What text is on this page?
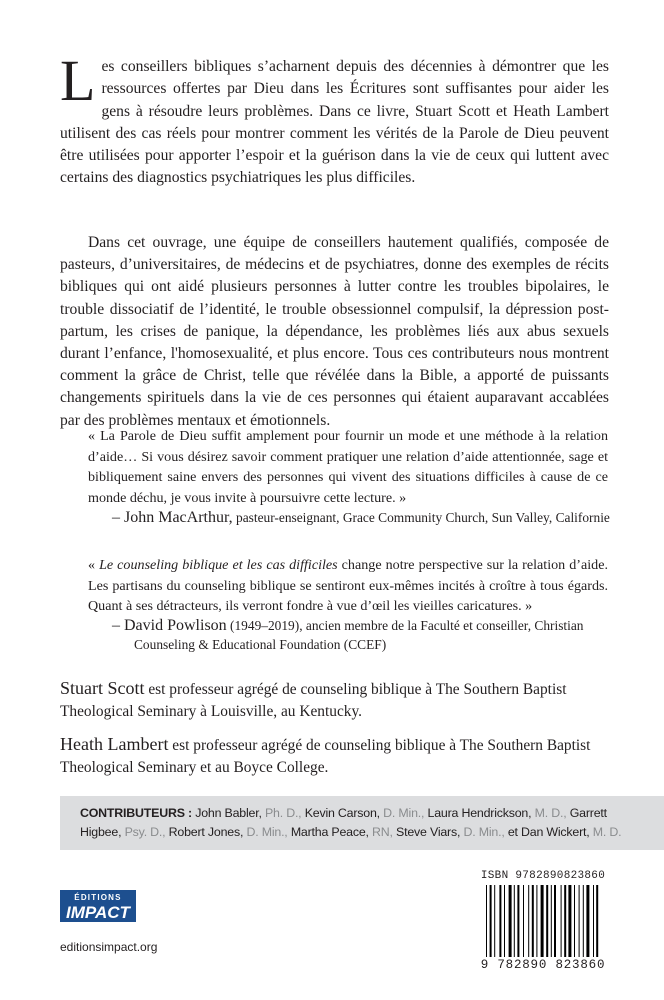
Les conseillers bibliques s’acharnent depuis des décennies à démontrer que les ressources offertes par Dieu dans les Écritures sont suffisantes pour aider les gens à résoudre leurs problèmes. Dans ce livre, Stuart Scott et Heath Lambert utilisent des cas réels pour montrer comment les vérités de la Parole de Dieu peuvent être utilisées pour apporter l’espoir et la guérison dans la vie de ceux qui luttent avec certains des diagnostics psychiatriques les plus difficiles.

Dans cet ouvrage, une équipe de conseillers hautement qualifiés, composée de pasteurs, d’universitaires, de médecins et de psychiatres, donne des exemples de récits bibliques qui ont aidé plusieurs personnes à lutter contre les troubles bipolaires, le trouble dissociatif de l’identité, le trouble obsessionnel compulsif, la dépression post-partum, les crises de panique, la dépendance, les problèmes liés aux abus sexuels durant l’enfance, l'homosexualité, et plus encore. Tous ces contributeurs nous montrent comment la grâce de Christ, telle que révélée dans la Bible, a apporté de puissants changements spirituels dans la vie de ces personnes qui étaient auparavant accablées par des problèmes mentaux et émotionnels.

« La Parole de Dieu suffit amplement pour fournir un mode et une méthode à la relation d’aide… Si vous désirez savoir comment pratiquer une relation d’aide attentionnée, sage et bibliquement saine envers des personnes qui vivent des situations difficiles à cause de ce monde déchu, je vous invite à poursuivre cette lecture. »

– John MacArthur, pasteur-enseignant, Grace Community Church, Sun Valley, Californie

« Le counseling biblique et les cas difficiles change notre perspective sur la relation d’aide. Les partisans du counseling biblique se sentiront eux-mêmes incités à croître à tous égards. Quant à ses détracteurs, ils verront fondre à vue d’œil les vieilles caricatures. »

– David Powlison (1949–2019), ancien membre de la Faculté et conseiller, Christian
Counseling & Educational Foundation (CCEF)

Stuart Scott est professeur agrégé de counseling biblique à The Southern Baptist Theological Seminary à Louisville, au Kentucky.

Heath Lambert est professeur agrégé de counseling biblique à The Southern Baptist Theological Seminary et au Boyce College.

CONTRIBUTEURS : John Babler, Ph. D., Kevin Carson, D. Min., Laura Hendrickson, M. D., Garrett Higbee, Psy. D., Robert Jones, D. Min., Martha Peace, RN, Steve Viars, D. Min., et Dan Wickert, M. D.

ÉDITIONS
IMPACT
editionsimpact.org
ISBN 9782890823860
9 782890 823860
